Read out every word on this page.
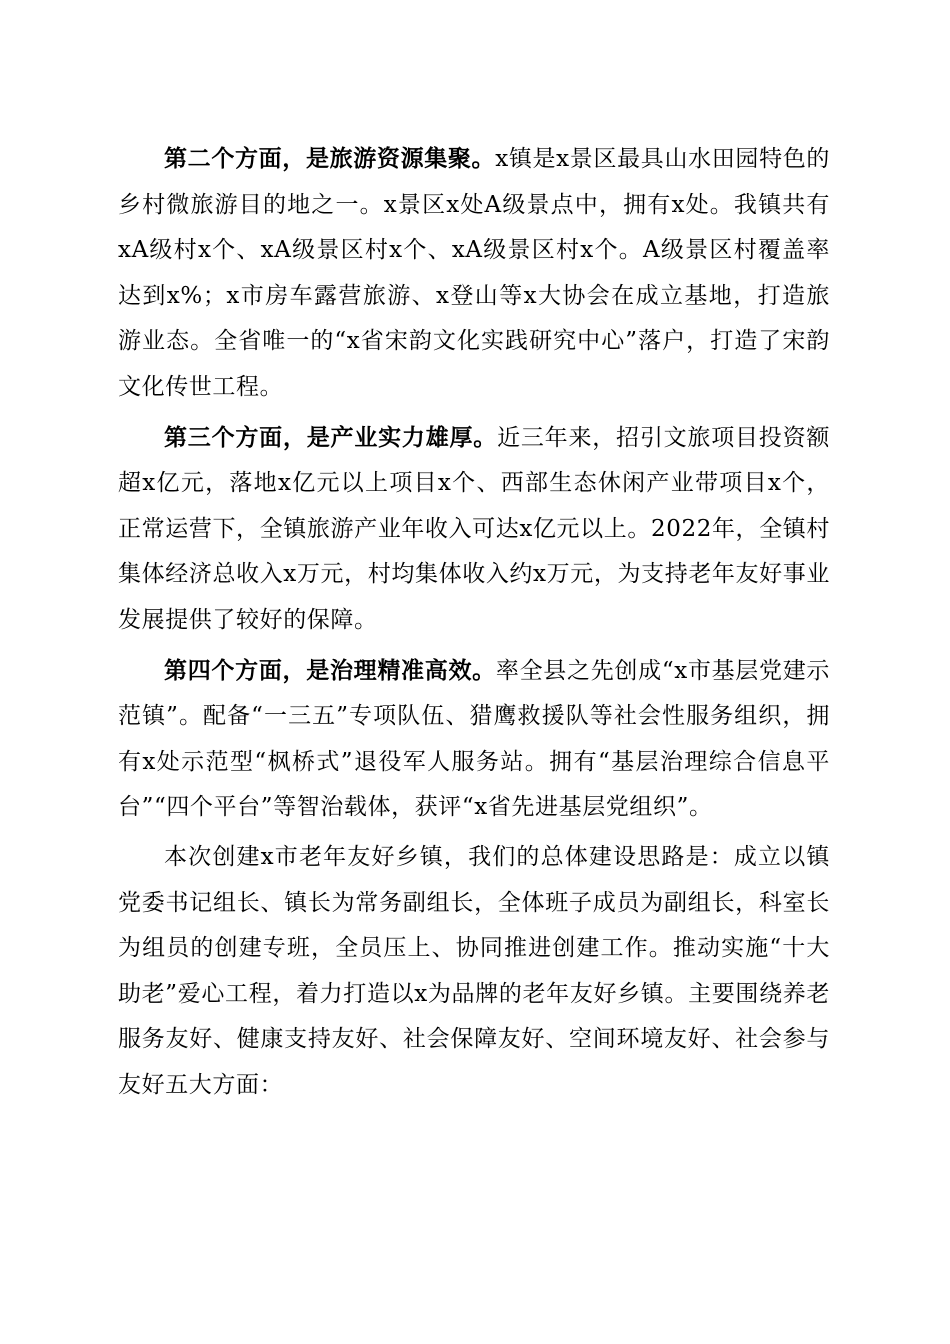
第二个方面，是旅游资源集聚。x镇是x景区最具山水田园特色的乡村微旅游目的地之一。x景区x处A级景点中，拥有x处。我镇共有xA级村x个、xA级景区村x个、xA级景区村x个。A级景区村覆盖率达到x%；x市房车露营旅游、x登山等x大协会在成立基地，打造旅游业态。全省唯一的“x省宋韵文化实践研究中心”落户，打造了宋韵文化传世工程。

第三个方面，是产业实力雄厚。近三年来，招引文旅项目投资额超x亿元，落地x亿元以上项目x个、西部生态休闲产业带项目x个，正常运营下，全镇旅游产业年收入可达x亿元以上。2022年，全镇村集体经济总收入x万元，村均集体收入约x万元，为支持老年友好事业发展提供了较好的保障。

第四个方面，是治理精准高效。率全县之先创成“x市基层党建示范镇”。配备“一三五”专项队伍、猎鹰救援队等社会性服务组织，拥有x处示范型“枫桥式”退役军人服务站。拥有“基层治理综合信息平台”“四个平台”等智治载体，获评“x省先进基层党组织”。

本次创建x市老年友好乡镇，我们的总体建设思路是：成立以镇党委书记组长、镇长为常务副组长，全体班子成员为副组长，科室长为组员的创建专班，全员压上、协同推进创建工作。推动实施“十大助老”爱心工程，着力打造以x为品牌的老年友好乡镇。主要围绕养老服务友好、健康支持友好、社会保障友好、空间环境友好、社会参与友好五大方面：
